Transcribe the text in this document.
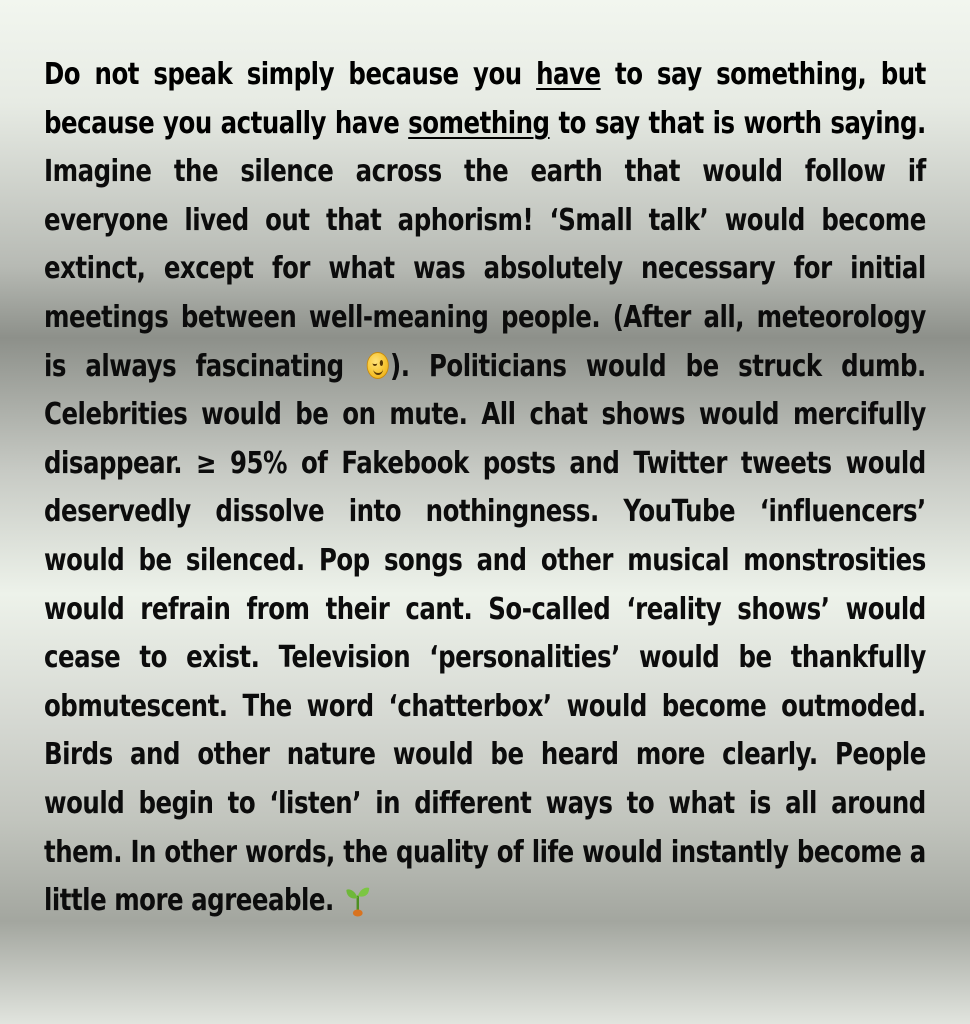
Do not speak simply because you have to say something, but because you actually have something to say that is worth saying. Imagine the silence across the earth that would follow if everyone lived out that aphorism! ‘Small talk’ would become extinct, except for what was absolutely necessary for initial meetings between well-meaning people. (After all, meteorology is always fascinating
). Politicians would be struck dumb. Celebrities would be on mute. All chat shows would mercifully disappear. ≥ 95% of Fakebook posts and Twitter tweets would deservedly dissolve into nothingness. YouTube ‘influencers’ would be silenced. Pop songs and other musical monstrosities would refrain from their cant. So-called ‘reality shows’ would cease to exist. Television ‘personalities’ would be thankfully obmutescent. The word ‘chatterbox’ would become outmoded. Birds and other nature would be heard more clearly. People would begin to ‘listen’ in different ways to what is all around them. In other words, the quality of life would instantly become a little more agreeable.
